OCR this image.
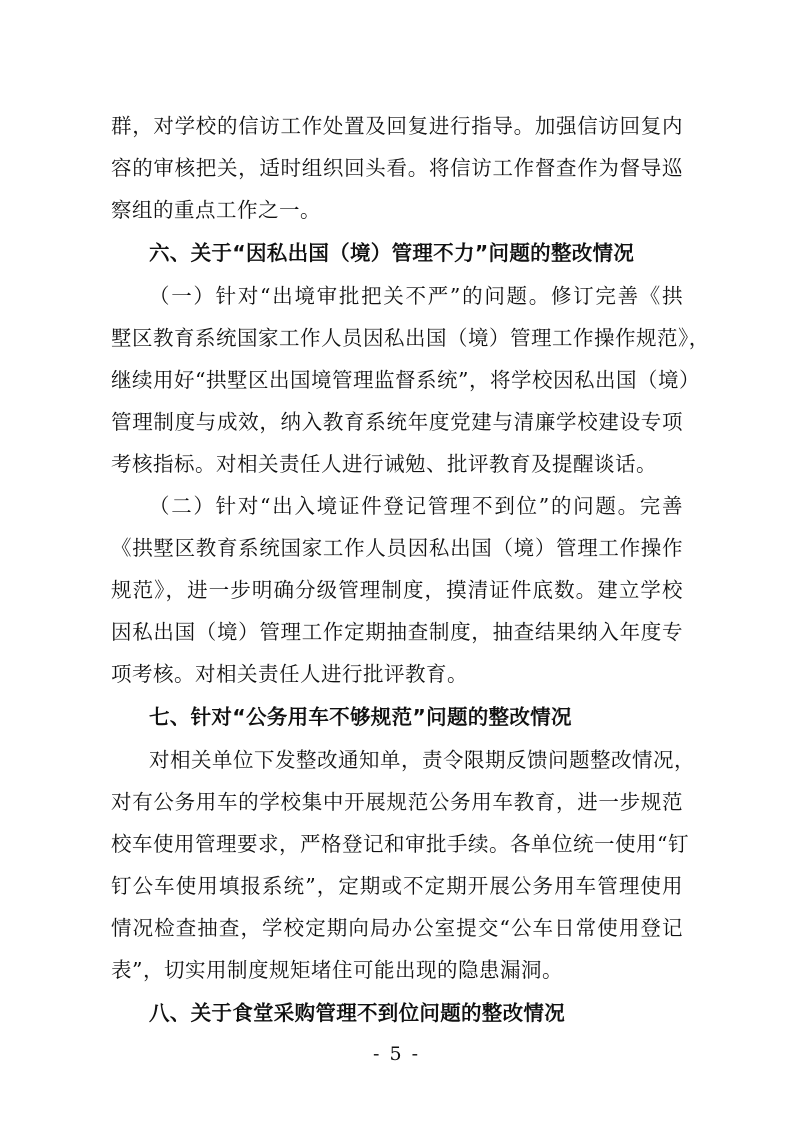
群，对学校的信访工作处置及回复进行指导。加强信访回复内
容的审核把关，适时组织回头看。将信访工作督查作为督导巡
察组的重点工作之一。
六、关于“因私出国（境）管理不力”问题的整改情况
（一）针对“出境审批把关不严”的问题。修订完善《拱
墅区教育系统国家工作人员因私出国（境）管理工作操作规范》，
继续用好“拱墅区出国境管理监督系统”，将学校因私出国（境）
管理制度与成效，纳入教育系统年度党建与清廉学校建设专项
考核指标。对相关责任人进行诫勉、批评教育及提醒谈话。
（二）针对“出入境证件登记管理不到位”的问题。完善
《拱墅区教育系统国家工作人员因私出国（境）管理工作操作
规范》，进一步明确分级管理制度，摸清证件底数。建立学校
因私出国（境）管理工作定期抽查制度，抽查结果纳入年度专
项考核。对相关责任人进行批评教育。
七、针对“公务用车不够规范”问题的整改情况
对相关单位下发整改通知单，责令限期反馈问题整改情况，
对有公务用车的学校集中开展规范公务用车教育，进一步规范
校车使用管理要求，严格登记和审批手续。各单位统一使用“钉
钉公车使用填报系统”，定期或不定期开展公务用车管理使用
情况检查抽查，学校定期向局办公室提交“公车日常使用登记
表”，切实用制度规矩堵住可能出现的隐患漏洞。
八、关于食堂采购管理不到位问题的整改情况
- 5 -
